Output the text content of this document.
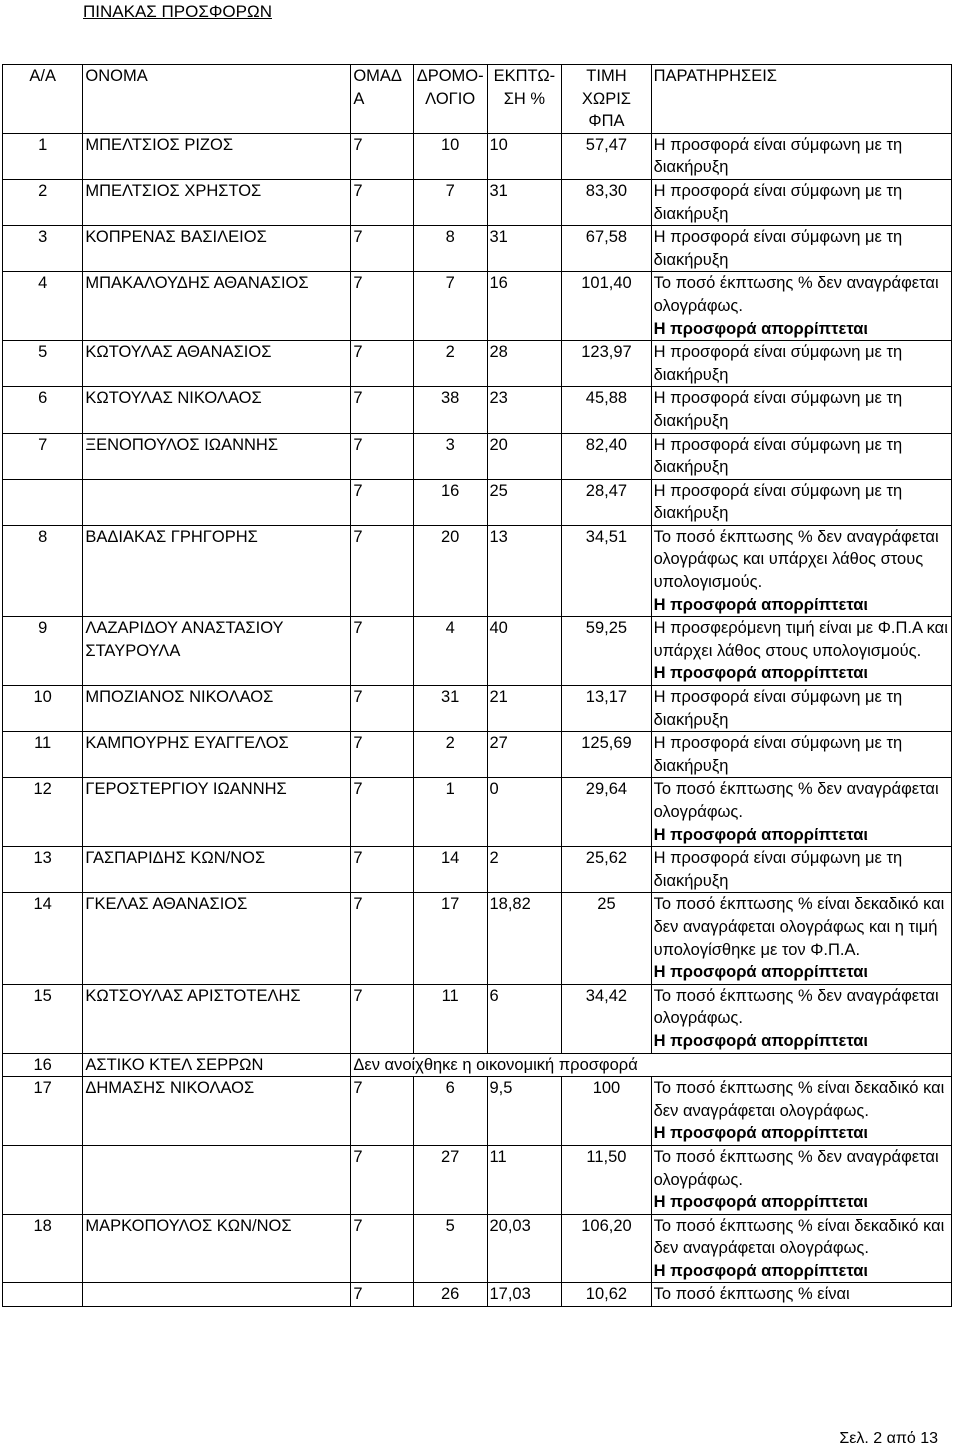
ΠΙΝΑΚΑΣ ΠΡΟΣΦΟΡΩΝ
Α/Α	ΟΝΟΜΑ	ΟΜΑΔ Α	ΔΡΟΜΟ-ΛΟΓΙΟ	ΕΚΠΤΩ-ΣΗ %	ΤΙΜΗ ΧΩΡΙΣ ΦΠΑ	ΠΑΡΑΤΗΡΗΣΕΙΣ
1	ΜΠΕΛΤΣΙΟΣ ΡΙΖΟΣ	7	10	10	57,47	Η προσφορά είναι σύμφωνη με τη διακήρυξη

2	ΜΠΕΛΤΣΙΟΣ ΧΡΗΣΤΟΣ	7	7	31	83,30	Η προσφορά είναι σύμφωνη με τη διακήρυξη

3	ΚΟΠΡΕΝΑΣ ΒΑΣΙΛΕΙΟΣ	7	8	31	67,58	Η προσφορά είναι σύμφωνη με τη διακήρυξη

4	ΜΠΑΚΑΛΟΥΔΗΣ ΑΘΑΝΑΣΙΟΣ	7	7	16	101,40	Το ποσό έκπτωσης % δεν αναγράφεται ολογράφως.
Η προσφορά απορρίπτεται

5	ΚΩΤΟΥΛΑΣ ΑΘΑΝΑΣΙΟΣ	7	2	28	123,97	Η προσφορά είναι σύμφωνη με τη διακήρυξη

6	ΚΩΤΟΥΛΑΣ ΝΙΚΟΛΑΟΣ	7	38	23	45,88	Η προσφορά είναι σύμφωνη με τη διακήρυξη

7	ΞΕΝΟΠΟΥΛΟΣ ΙΩΑΝΝΗΣ	7	3	20	82,40	Η προσφορά είναι σύμφωνη με τη διακήρυξη

		7	16	25	28,47	Η προσφορά είναι σύμφωνη με τη διακήρυξη

8	ΒΑΔΙΑΚΑΣ ΓΡΗΓΟΡΗΣ	7	20	13	34,51	Το ποσό έκπτωσης % δεν αναγράφεται ολογράφως και υπάρχει λάθος στους υπολογισμούς.
Η προσφορά απορρίπτεται

9	ΛΑΖΑΡΙΔΟΥ ΑΝΑΣΤΑΣΙΟΥ ΣΤΑΥΡΟΥΛΑ	7	4	40	59,25	Η προσφερόμενη τιμή είναι με Φ.Π.Α και υπάρχει λάθος στους υπολογισμούς.
Η προσφορά απορρίπτεται

10	ΜΠΟΖΙΑΝΟΣ ΝΙΚΟΛΑΟΣ	7	31	21	13,17	Η προσφορά είναι σύμφωνη με τη διακήρυξη

11	ΚΑΜΠΟΥΡΗΣ ΕΥΑΓΓΕΛΟΣ	7	2	27	125,69	Η προσφορά είναι σύμφωνη με τη διακήρυξη

12	ΓΕΡΟΣΤΕΡΓΙΟΥ ΙΩΑΝΝΗΣ	7	1	0	29,64	Το ποσό έκπτωσης % δεν αναγράφεται ολογράφως.
Η προσφορά απορρίπτεται

13	ΓΑΣΠΑΡΙΔΗΣ ΚΩΝ/ΝΟΣ	7	14	2	25,62	Η προσφορά είναι σύμφωνη με τη διακήρυξη

14	ΓΚΕΛΑΣ ΑΘΑΝΑΣΙΟΣ	7	17	18,82	25	Το ποσό έκπτωσης % είναι δεκαδικό και δεν αναγράφεται ολογράφως και η τιμή υπολογίσθηκε με τον Φ.Π.Α.
Η προσφορά απορρίπτεται

15	ΚΩΤΣΟΥΛΑΣ ΑΡΙΣΤΟΤΕΛΗΣ	7	11	6	34,42	Το ποσό έκπτωσης % δεν αναγράφεται ολογράφως.
Η προσφορά απορρίπτεται

16	ΑΣΤΙΚΟ ΚΤΕΛ ΣΕΡΡΩΝ	Δεν ανοίχθηκε η οικονομική προσφορά				
17	ΔΗΜΑΣΗΣ ΝΙΚΟΛΑΟΣ	7	6	9,5	100	Το ποσό έκπτωσης % είναι δεκαδικό και δεν αναγράφεται ολογράφως.
Η προσφορά απορρίπτεται

		7	27	11	11,50	Το ποσό έκπτωσης % δεν αναγράφεται ολογράφως.
Η προσφορά απορρίπτεται

18	ΜΑΡΚΟΠΟΥΛΟΣ ΚΩΝ/ΝΟΣ	7	5	20,03	106,20	Το ποσό έκπτωσης % είναι δεκαδικό και δεν αναγράφεται ολογράφως.
Η προσφορά απορρίπτεται

		7	26	17,03	10,62	Το ποσό έκπτωσης % είναι
Σελ. 2 από 13
